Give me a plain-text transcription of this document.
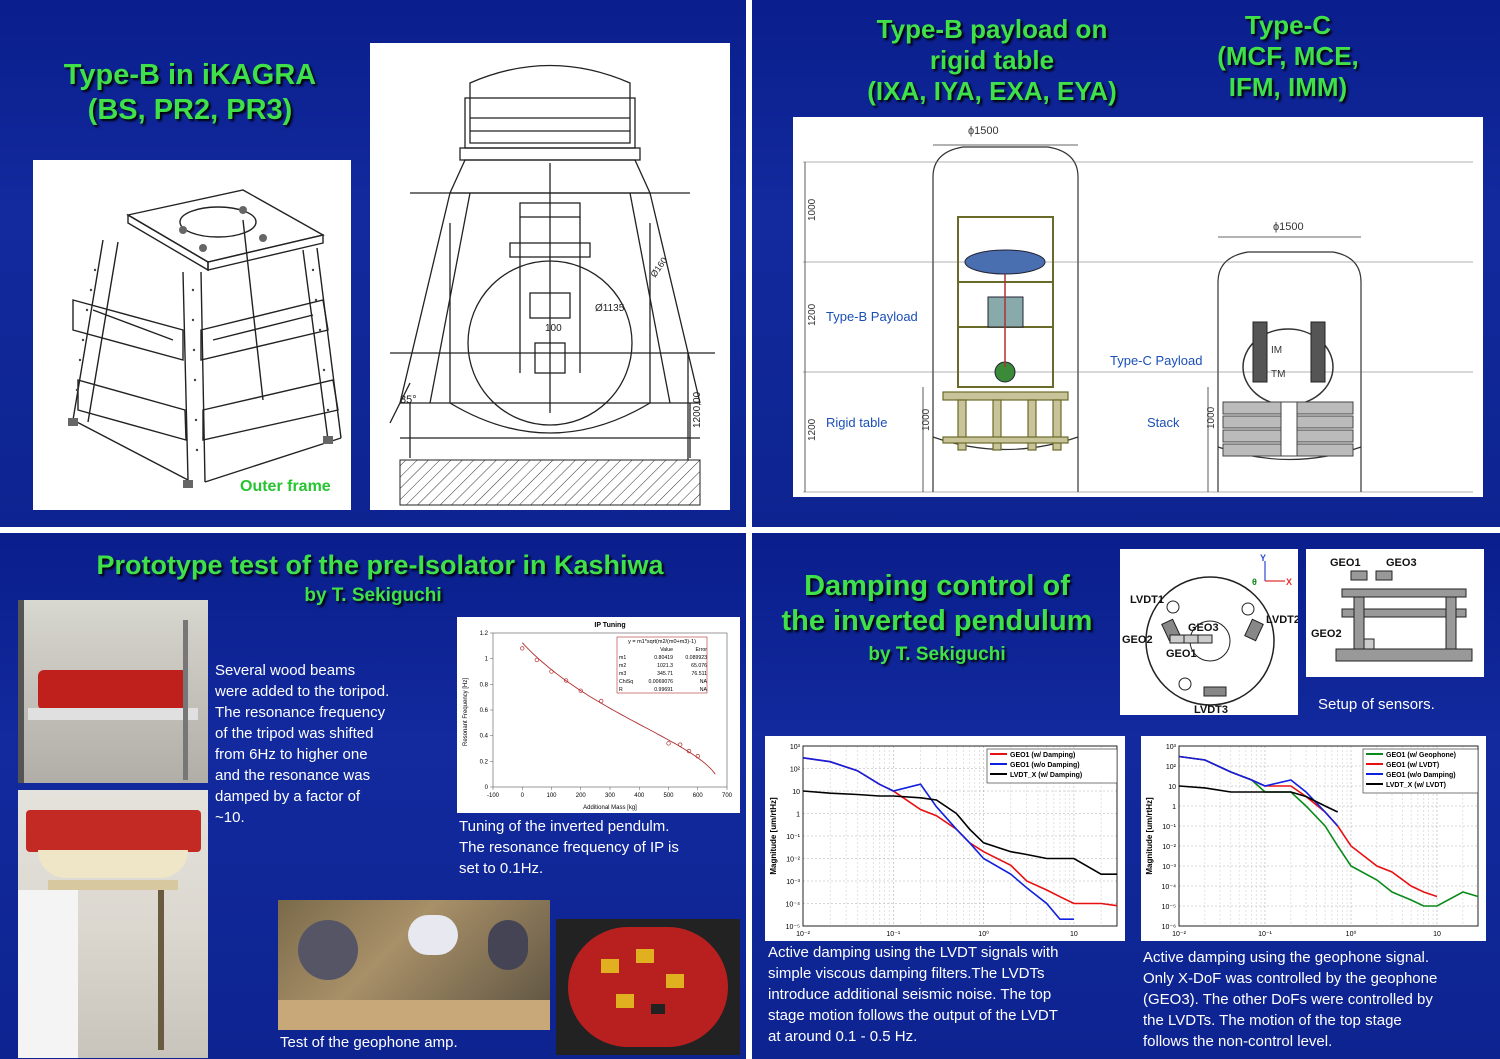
Type-B in iKAGRA
(BS, PR2, PR3)
Outer frame
100
Ø1135
Ø160
35°	1200,00
Type-B payload on
rigid table
(IXA, IYA, EXA, EYA)
Type-C
(MCF, MCE,
IFM, IMM)
ϕ1500
ϕ1500
1000
1200
1200	1000	1000
Type-B Payload
Rigid table
Type-C Payload
Stack
IM
TM
Prototype test of the pre-Isolator in Kashiwa
by T. Sekiguchi
Several wood beams
were added to the toripod.
The resonance frequency
of the tripod was shifted
from 6Hz to higher one
and the resonance was
damped by a factor of
~10.
IP Tuning
-100	0	100	200	300	400	500	600	700
0
0.2
0.4
0.6
0.8
1
1.2
Additional Mass [kg]
Resonant Frequency [Hz]
y = m1*sqrt(m2/(m0+m3)-1)
Value	Error
m1	0.80419 0.089923
m2	1021.3	65.076
m3	345.71	76.511
ChiSq	0.0069076	NA
R	0.99691	NA
Tuning of the inverted pendulm.
The resonance frequency of IP is
set to 0.1Hz.
Test of the geophone amp.
Damping control of
the inverted pendulum
by T. Sekiguchi
LVDT1
LVDT2
LVDT3
GEO2
GEO3
GEO1
Y
X
θ
GEO1 GEO3
GEO2
Setup of sensors.
10³
10²
10
1
10⁻¹
10⁻²
10⁻³
10⁻⁴
10⁻⁵
10⁻²	10⁻¹	10⁰	10
Magnitude [um/rtHz]
GEO1 (w/ Damping)
GEO1 (w/o Damping)
LVDT_X (w/ Damping)
Active damping using the LVDT signals with
simple viscous damping filters.The LVDTs
introduce additional seismic noise. The top
stage motion follows the output of the LVDT
at around 0.1 - 0.5 Hz.
10³
10²
10
1
10⁻¹
10⁻²
10⁻³
10⁻⁴
10⁻⁵
10⁻⁶
10⁻²	10⁻¹	10⁰	10
Magnitude [um/rtHz]
GEO1 (w/ Geophone)
GEO1 (w/ LVDT)
GEO1 (w/o Damping)
LVDT_X (w/ LVDT)
Active damping using the geophone signal.
Only X-DoF was controlled by the geophone
(GEO3). The other DoFs were controlled by
the LVDTs. The motion of the top stage
follows the non-control level.
